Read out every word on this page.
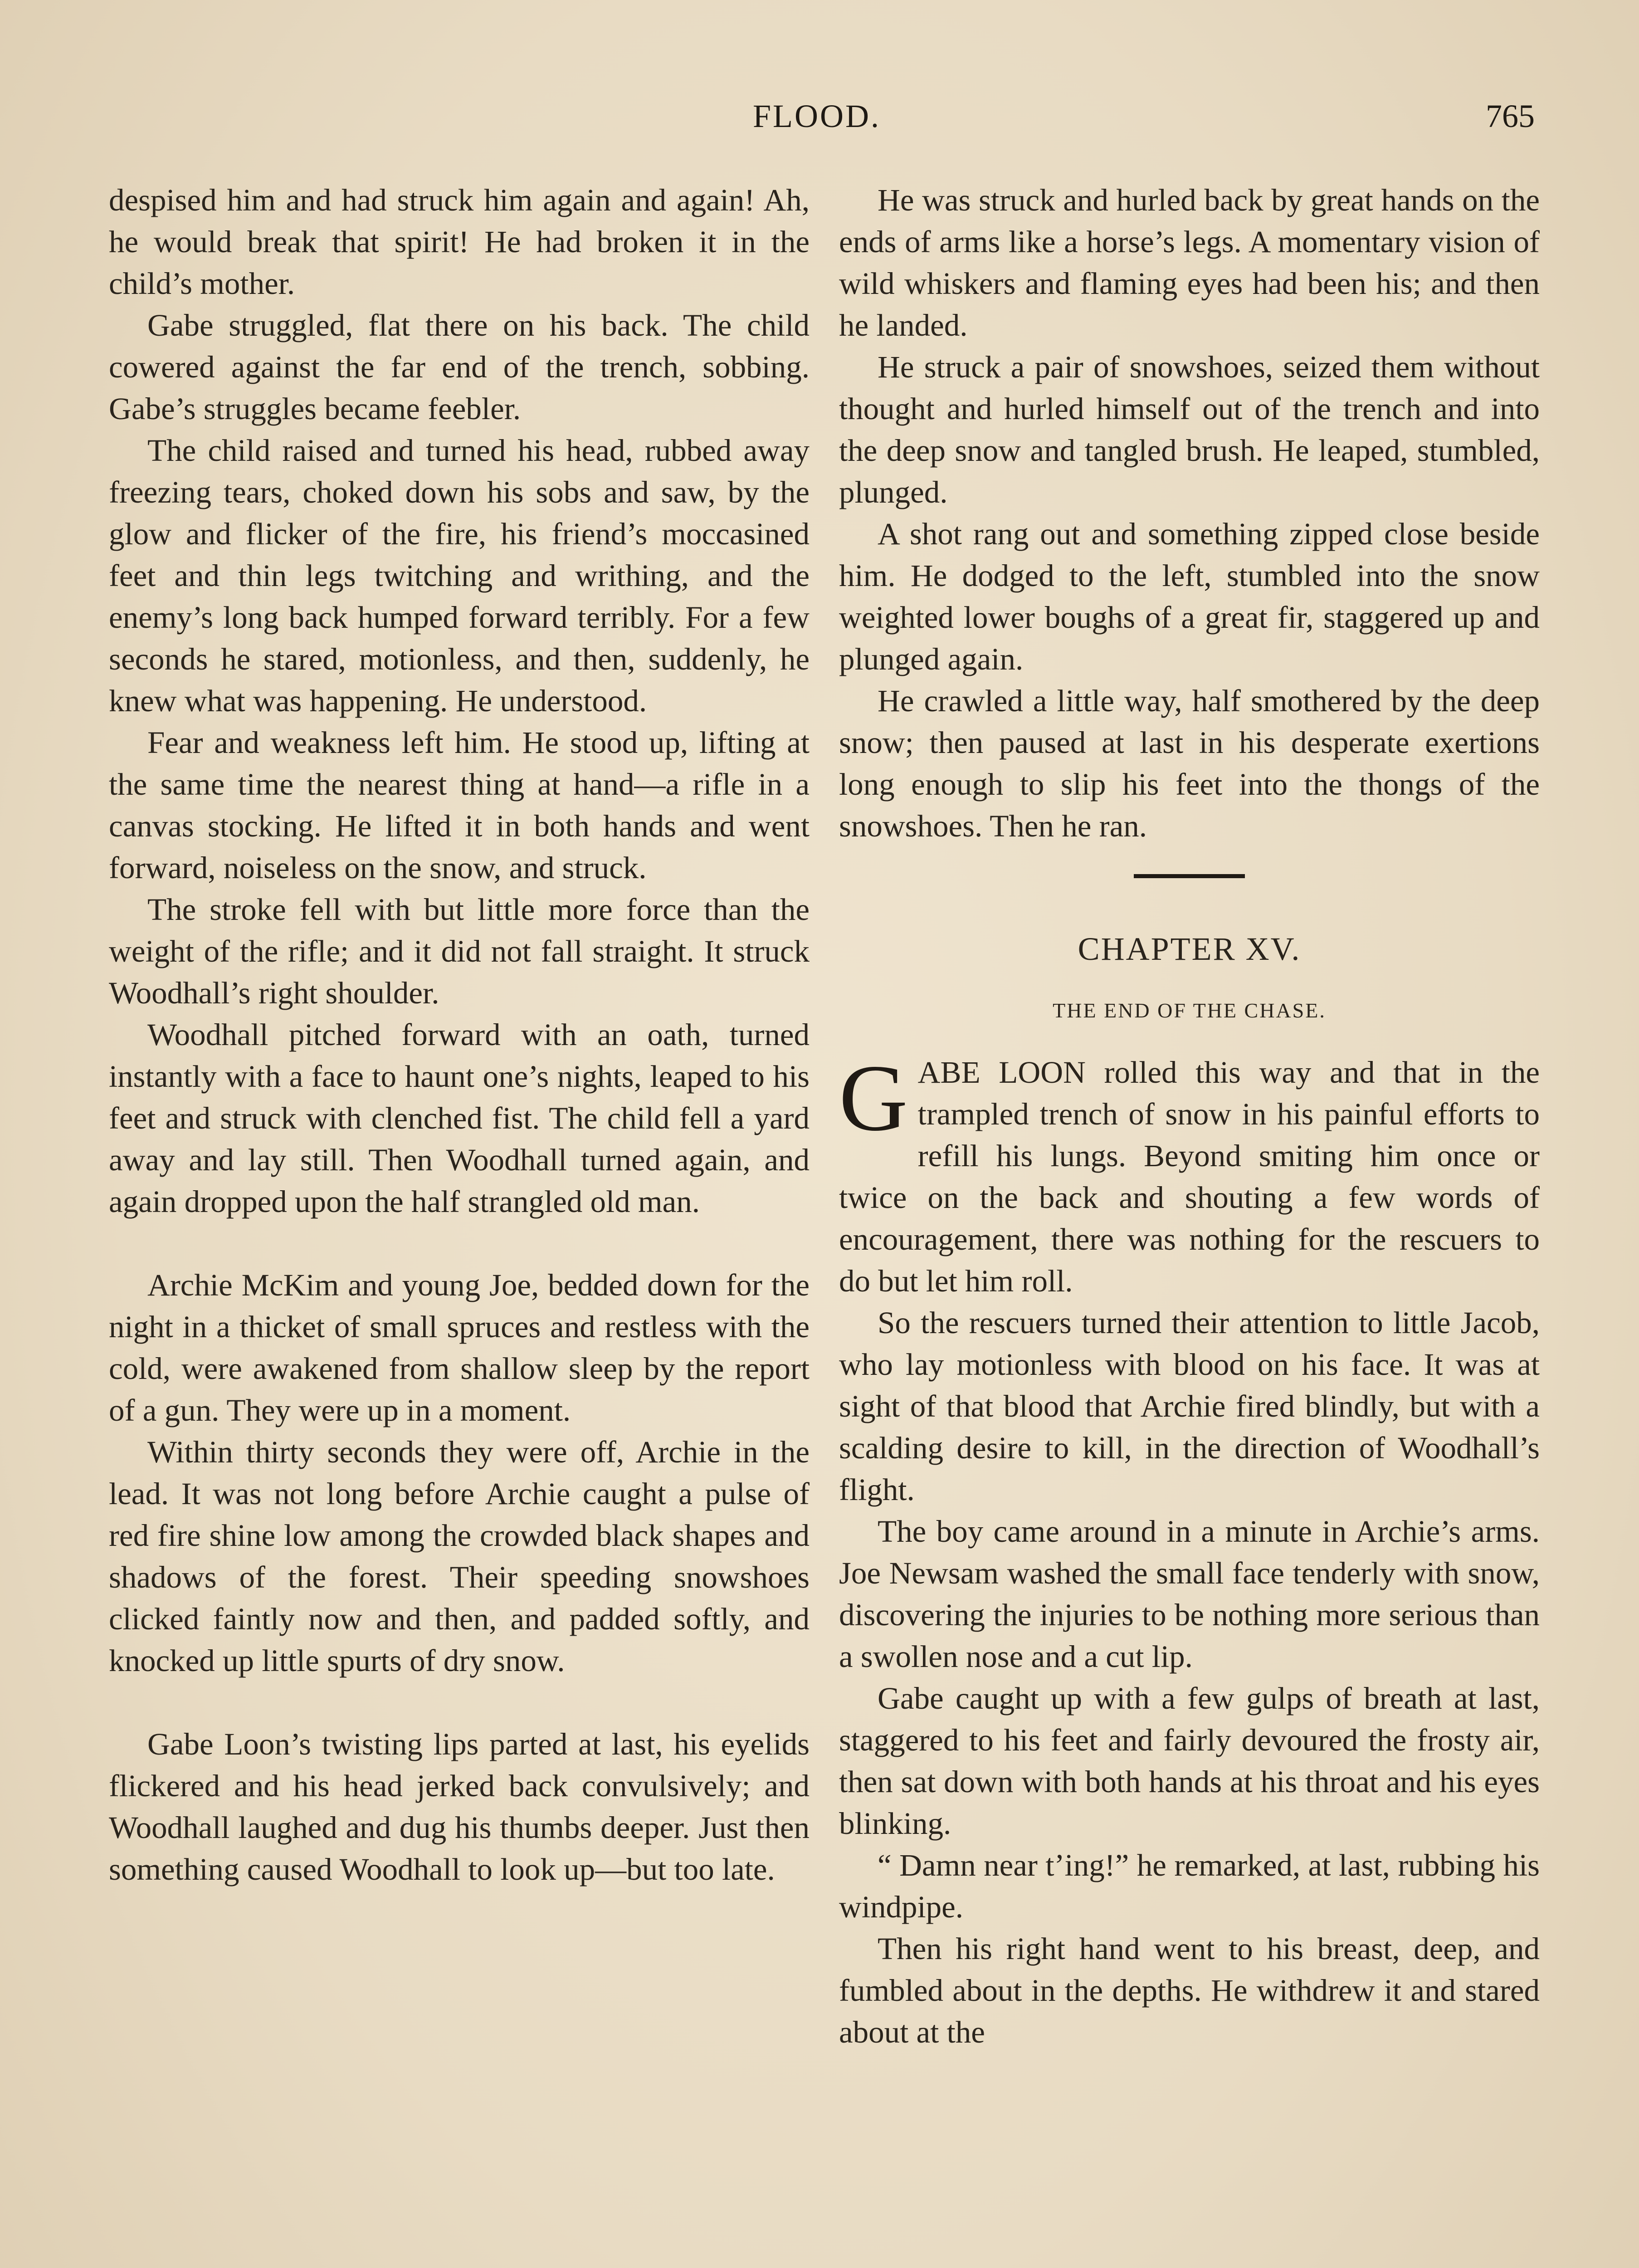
FLOOD.	765

despised him and had struck him again and again! Ah, he would break that spirit! He had broken it in the child’s mother.

Gabe struggled, flat there on his back. The child cowered against the far end of the trench, sobbing. Gabe’s struggles became feebler.

The child raised and turned his head, rubbed away freezing tears, choked down his sobs and saw, by the glow and flicker of the fire, his friend’s moccasined feet and thin legs twitching and writhing, and the enemy’s long back humped forward terribly. For a few seconds he stared, motionless, and then, suddenly, he knew what was happening. He understood.

Fear and weakness left him. He stood up, lifting at the same time the nearest thing at hand—a rifle in a canvas stocking. He lifted it in both hands and went forward, noiseless on the snow, and struck.

The stroke fell with but little more force than the weight of the rifle; and it did not fall straight. It struck Woodhall’s right shoulder.

Woodhall pitched forward with an oath, turned instantly with a face to haunt one’s nights, leaped to his feet and struck with clenched fist. The child fell a yard away and lay still. Then Woodhall turned again, and again dropped upon the half strangled old man.

Archie McKim and young Joe, bedded down for the night in a thicket of small spruces and restless with the cold, were awakened from shallow sleep by the report of a gun. They were up in a moment.

Within thirty seconds they were off, Archie in the lead. It was not long before Archie caught a pulse of red fire shine low among the crowded black shapes and shadows of the forest. Their speeding snowshoes clicked faintly now and then, and padded softly, and knocked up little spurts of dry snow.

Gabe Loon’s twisting lips parted at last, his eyelids flickered and his head jerked back convulsively; and Woodhall laughed and dug his thumbs deeper. Just then something caused Woodhall to look up—but too late.

He was struck and hurled back by great hands on the ends of arms like a horse’s legs. A momentary vision of wild whiskers and flaming eyes had been his; and then he landed.

He struck a pair of snowshoes, seized them without thought and hurled himself out of the trench and into the deep snow and tangled brush. He leaped, stumbled, plunged.

A shot rang out and something zipped close beside him. He dodged to the left, stumbled into the snow weighted lower boughs of a great fir, staggered up and plunged again.

He crawled a little way, half smothered by the deep snow; then paused at last in his desperate exertions long enough to slip his feet into the thongs of the snowshoes. Then he ran.

CHAPTER XV.
THE END OF THE CHASE.

G ABE LOON rolled this way and that in the trampled trench of snow in his painful efforts to refill his lungs. Beyond smiting him once or twice on the back and shouting a few words of encouragement, there was nothing for the rescuers to do but let him roll.

So the rescuers turned their attention to little Jacob, who lay motionless with blood on his face. It was at sight of that blood that Archie fired blindly, but with a scalding desire to kill, in the direction of Woodhall’s flight.

The boy came around in a minute in Archie’s arms. Joe Newsam washed the small face tenderly with snow, discovering the injuries to be nothing more serious than a swollen nose and a cut lip.

Gabe caught up with a few gulps of breath at last, staggered to his feet and fairly devoured the frosty air, then sat down with both hands at his throat and his eyes blinking.

“ Damn near t’ing!” he remarked, at last, rubbing his windpipe.

Then his right hand went to his breast, deep, and fumbled about in the depths. He withdrew it and stared about at the
